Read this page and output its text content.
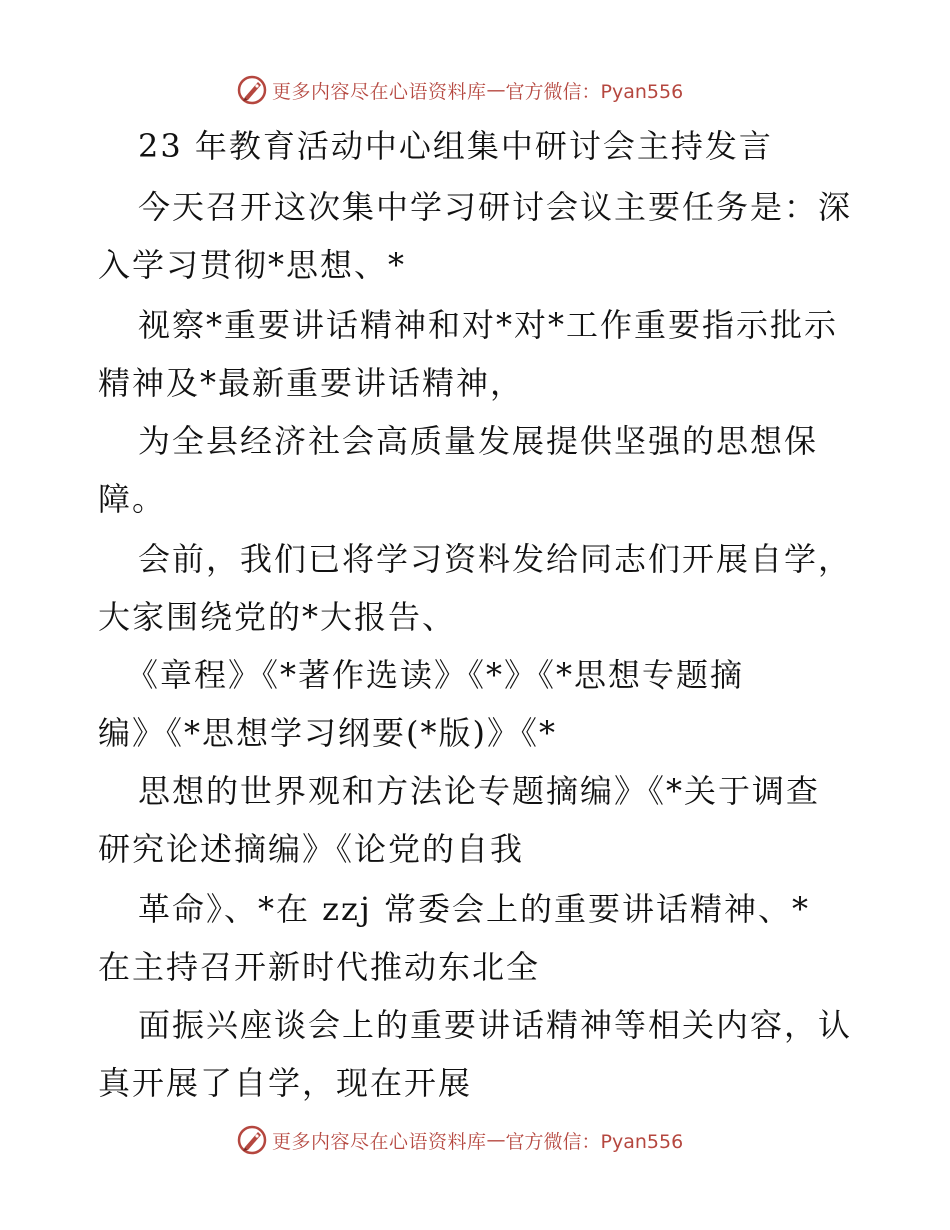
更多内容尽在心语资料库 — 官方微信：Pyan556
23 年教育活动中心组集中研讨会主持发言
今天召开这次集中学习研讨会议主要任务是：深
入学习贯彻*思想、*
视察*重要讲话精神和对*对*工作重要指示批示
精神及*最新重要讲话精神，
为全县经济社会高质量发展提供坚强的思想保
障。
会前，我们已将学习资料发给同志们开展自学，
大家围绕党的*大报告、
《章程》《*著作选读》《*》《*思想专题摘
编》《*思想学习纲要(*版)》《*
思想的世界观和方法论专题摘编》《*关于调查
研究论述摘编》《论党的自我
革命》、*在 zzj 常委会上的重要讲话精神、*
在主持召开新时代推动东北全
面振兴座谈会上的重要讲话精神等相关内容，认
真开展了自学，现在开展
更多内容尽在心语资料库 — 官方微信：Pyan556
